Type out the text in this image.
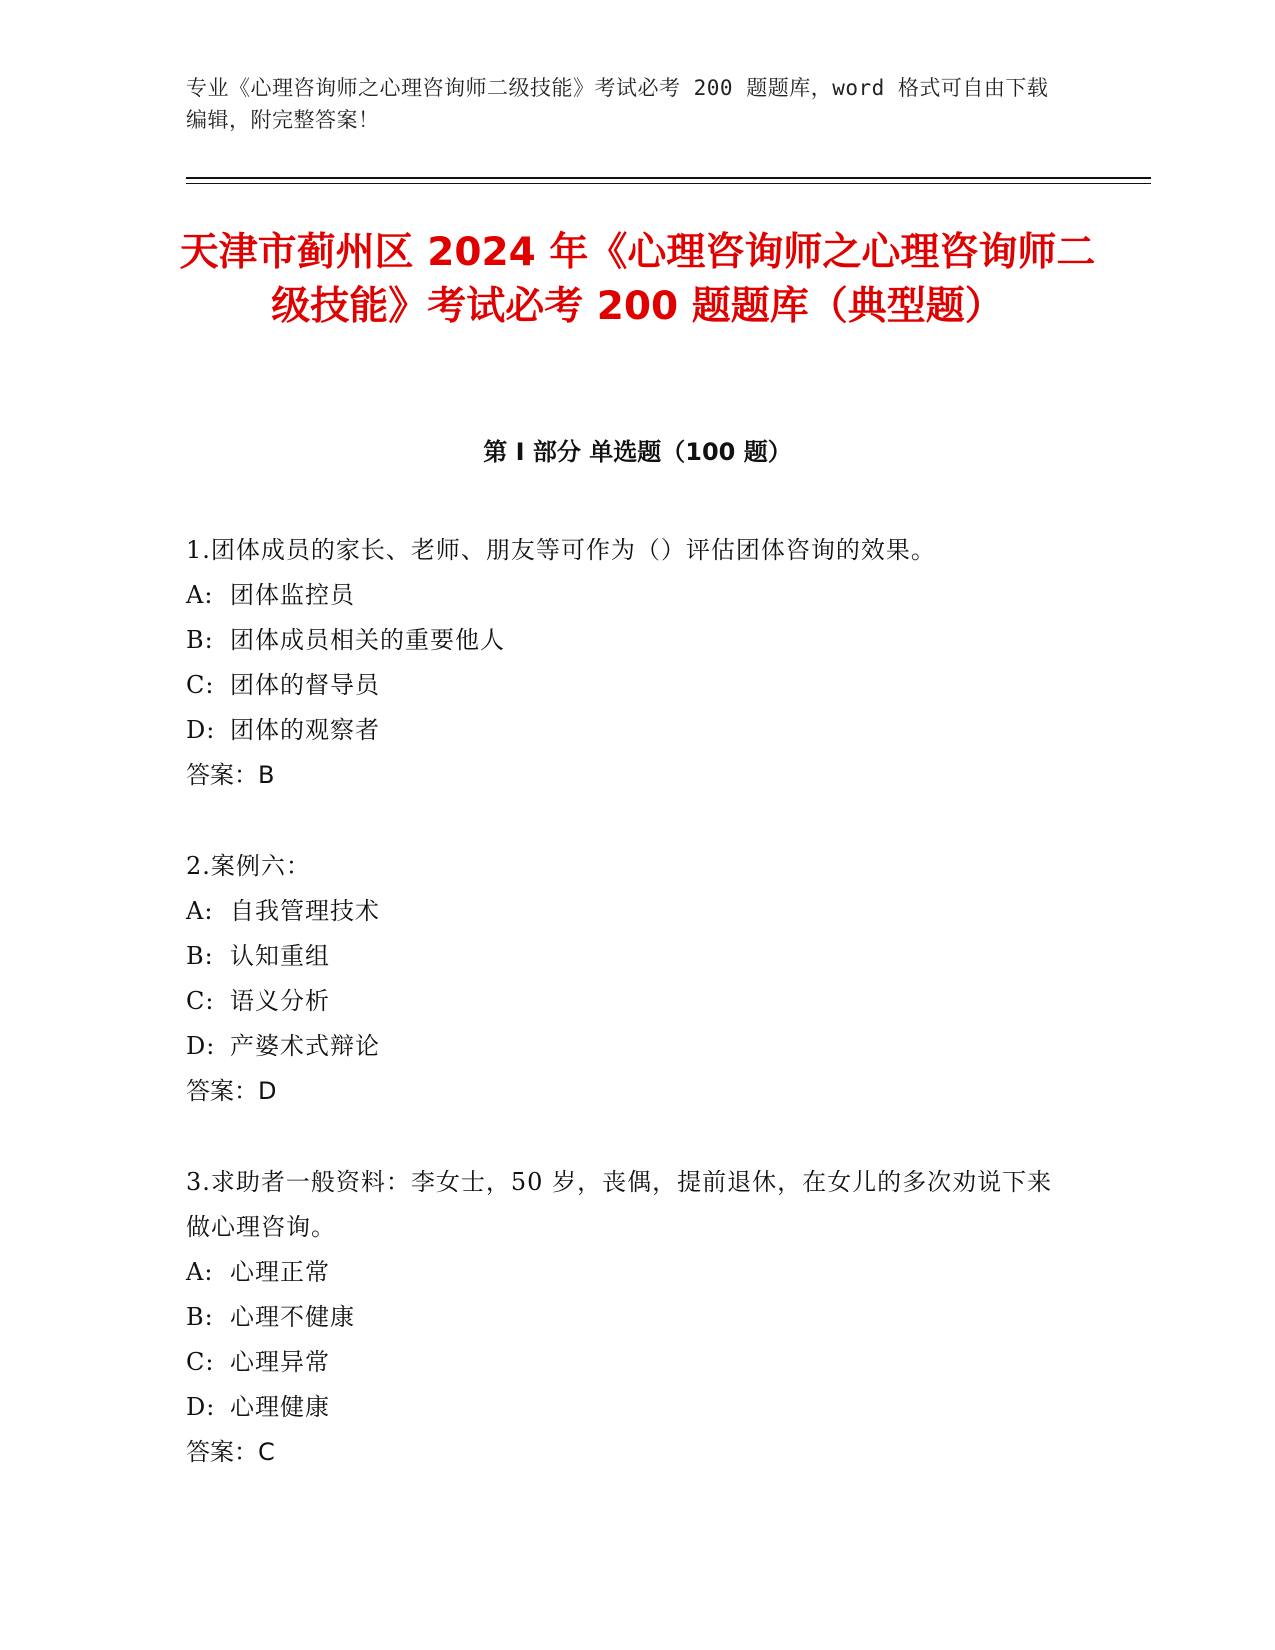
专业《心理咨询师之心理咨询师二级技能》考试必考 200 题题库，word 格式可自由下载编辑，附完整答案！
天津市蓟州区 2024 年《心理咨询师之心理咨询师二级技能》考试必考 200 题题库（典型题）
第 I 部分 单选题（100 题）
1.团体成员的家长、老师、朋友等可作为（）评估团体咨询的效果。
A: 团体监控员
B: 团体成员相关的重要他人
C: 团体的督导员
D: 团体的观察者
答案：B
2.案例六：
A: 自我管理技术
B: 认知重组
C: 语义分析
D: 产婆术式辩论
答案：D
3.求助者一般资料：李女士，50 岁，丧偶，提前退休，在女儿的多次劝说下来做心理咨询。
A: 心理正常
B: 心理不健康
C: 心理异常
D: 心理健康
答案：C
